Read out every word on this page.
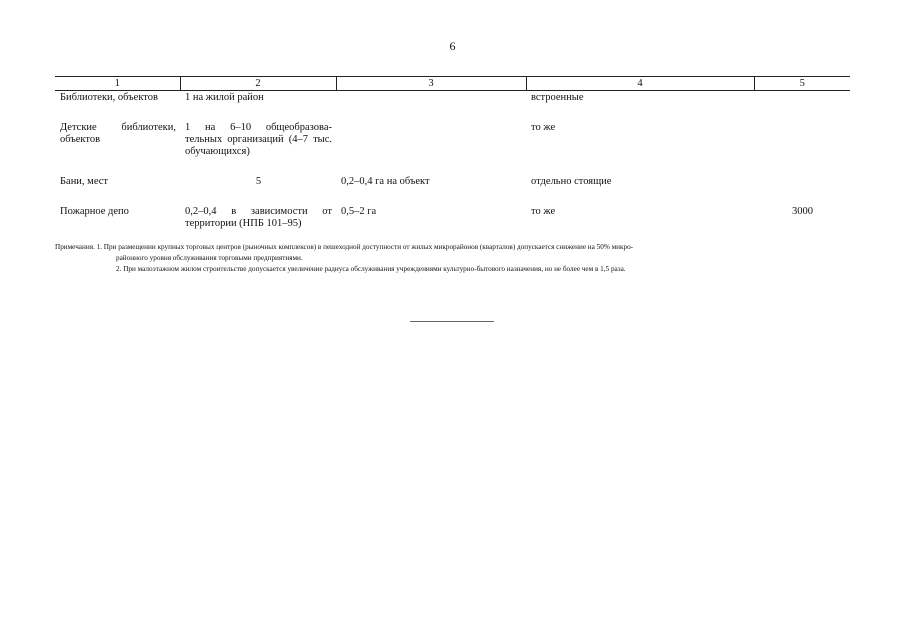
6
1	2	3	4	5
Библиотеки, объектов	1 на жилой район		встроенные	
Детские библиотеки, объектов	1 на 6–10 общеобразова-тельных организаций (4–7 тыс. обучающихся)		то же	
Бани, мест	5	0,2–0,4 га на объект	отдельно стоящие	
Пожарное депо	0,2–0,4 в зависимости от территории (НПБ 101–95)	0,5–2 га	то же	3000
Примечания. 1. При размещении крупных торговых центров (рыночных комплексов) в пешеходной доступности от жилых микрорайонов (кварталов) допускается снижение на 50% микро-
районного уровня обслуживания торговыми предприятиями.
2. При малоэтажном жилом строительстве допускается увеличение радиуса обслуживания учреждениями культурно-бытового назначения, но не более чем в 1,5 раза.
